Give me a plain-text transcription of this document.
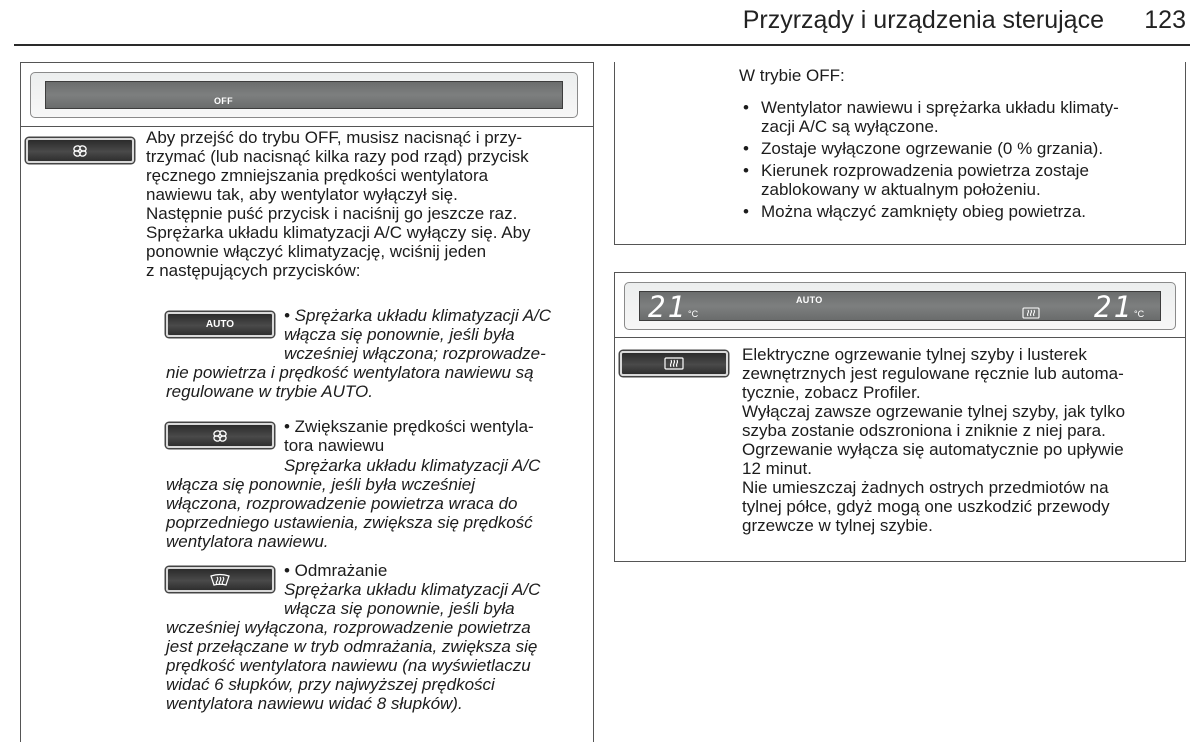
Przyrządy i urządzenia sterujące 123
OFF

Aby przejść do trybu OFF, musisz nacisnąć i przy-

trzymać (lub nacisnąć kilka razy pod rząd) przycisk

ręcznego zmniejszania prędkości wentylatora

nawiewu tak, aby wentylator wyłączył się.

Następnie puść przycisk i naciśnij go jeszcze raz.

Sprężarka układu klimatyzacji A/C wyłączy się. Aby

ponownie włączyć klimatyzację, wciśnij jeden

z następujących przycisków:

AUTO	• Sprężarka układu klimatyzacji A/C

włącza się ponownie, jeśli była

wcześniej włączona; rozprowadze-

nie powietrza i prędkość wentylatora nawiewu są

regulowane w trybie AUTO.

• Zwiększanie prędkości wentyla-

tora nawiewu

Sprężarka układu klimatyzacji A/C

włącza się ponownie, jeśli była wcześniej

włączona, rozprowadzenie powietrza wraca do

poprzedniego ustawienia, zwiększa się prędkość

wentylatora nawiewu.

• Odmrażanie

Sprężarka układu klimatyzacji A/C

włącza się ponownie, jeśli była

wcześniej wyłączona, rozprowadzenie powietrza

jest przełączane w tryb odmrażania, zwiększa się

prędkość wentylatora nawiewu (na wyświetlaczu

widać 6 słupków, przy najwyższej prędkości

wentylatora nawiewu widać 8 słupków).

W trybie OFF:

• Wentylator nawiewu i sprężarka układu klimaty-
zacji A/C są wyłączone.
• Zostaje wyłączone ogrzewanie (0 % grzania).
• Kierunek rozprowadzenia powietrza zostaje
zablokowany w aktualnym położeniu.
• Można włączyć zamknięty obieg powietrza.
21 °C
AUTO	21 °C

Elektryczne ogrzewanie tylnej szyby i lusterek

zewnętrznych jest regulowane ręcznie lub automa-

tycznie, zobacz Profiler.

Wyłączaj zawsze ogrzewanie tylnej szyby, jak tylko

szyba zostanie odszroniona i zniknie z niej para.

Ogrzewanie wyłącza się automatycznie po upływie

12 minut.

Nie umieszczaj żadnych ostrych przedmiotów na

tylnej półce, gdyż mogą one uszkodzić przewody

grzewcze w tylnej szybie.
